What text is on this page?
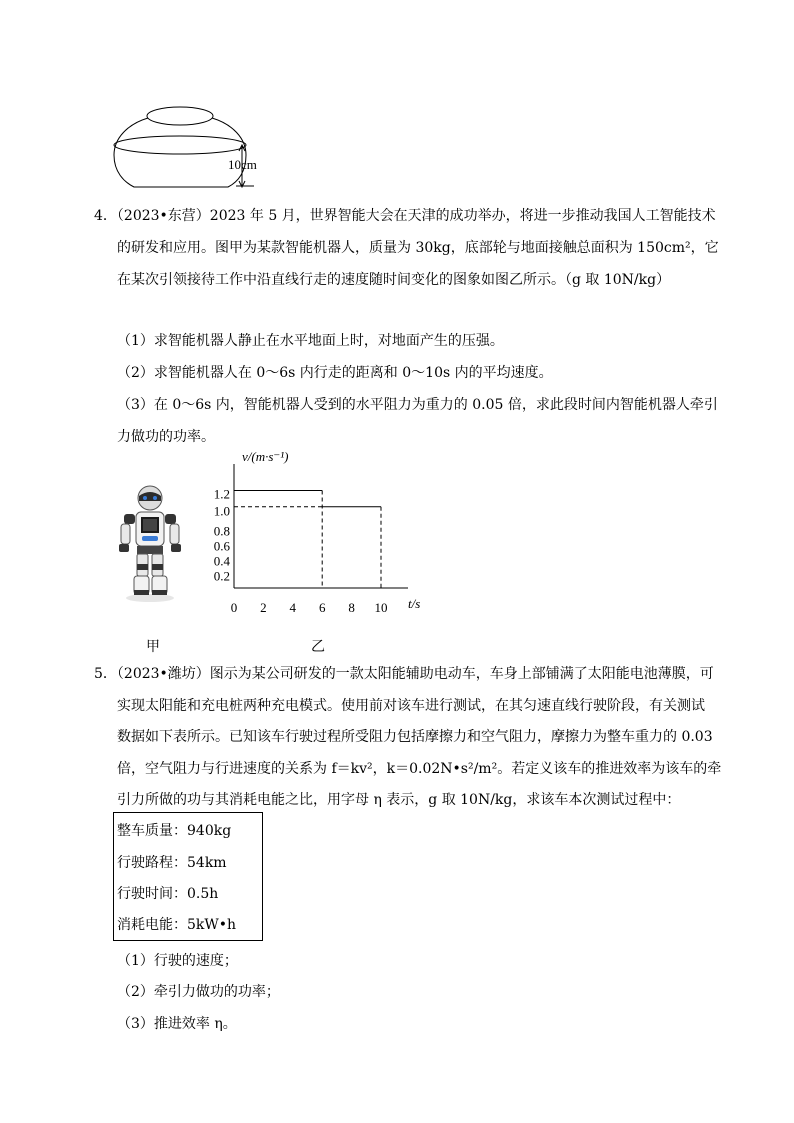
10cm
4．（2023•东营）2023 年 5 月，世界智能大会在天津的成功举办，将进一步推动我国人工智能技术
的研发和应用。图甲为某款智能机器人，质量为 30kg，底部轮与地面接触总面积为 150cm²，它
在某次引领接待工作中沿直线行走的速度随时间变化的图象如图乙所示。（g 取 10N/kg）
（1）求智能机器人静止在水平地面上时，对地面产生的压强。
（2）求智能机器人在 0～6s 内行走的距离和 0～10s 内的平均速度。
（3）在 0～6s 内，智能机器人受到的水平阻力为重力的 0.05 倍，求此段时间内智能机器人牵引
力做功的功率。
v/(m·s⁻¹)
t/s
0 2 4 6 8 10
0.2
0.4
0.6
0.8
1.0
1.2
甲	乙
5．（2023•潍坊）图示为某公司研发的一款太阳能辅助电动车，车身上部铺满了太阳能电池薄膜，可
实现太阳能和充电桩两种充电模式。使用前对该车进行测试，在其匀速直线行驶阶段，有关测试
数据如下表所示。已知该车行驶过程所受阻力包括摩擦力和空气阻力，摩擦力为整车重力的 0.03
倍，空气阻力与行进速度的关系为 f＝kv²，k＝0.02N•s²/m²。若定义该车的推进效率为该车的牵
引力所做的功与其消耗电能之比，用字母 η 表示，g 取 10N/kg，求该车本次测试过程中：
整车质量：940kg
行驶路程：54km
行驶时间：0.5h
消耗电能：5kW•h
（1）行驶的速度；
（2）牵引力做功的功率；
（3）推进效率 η。
